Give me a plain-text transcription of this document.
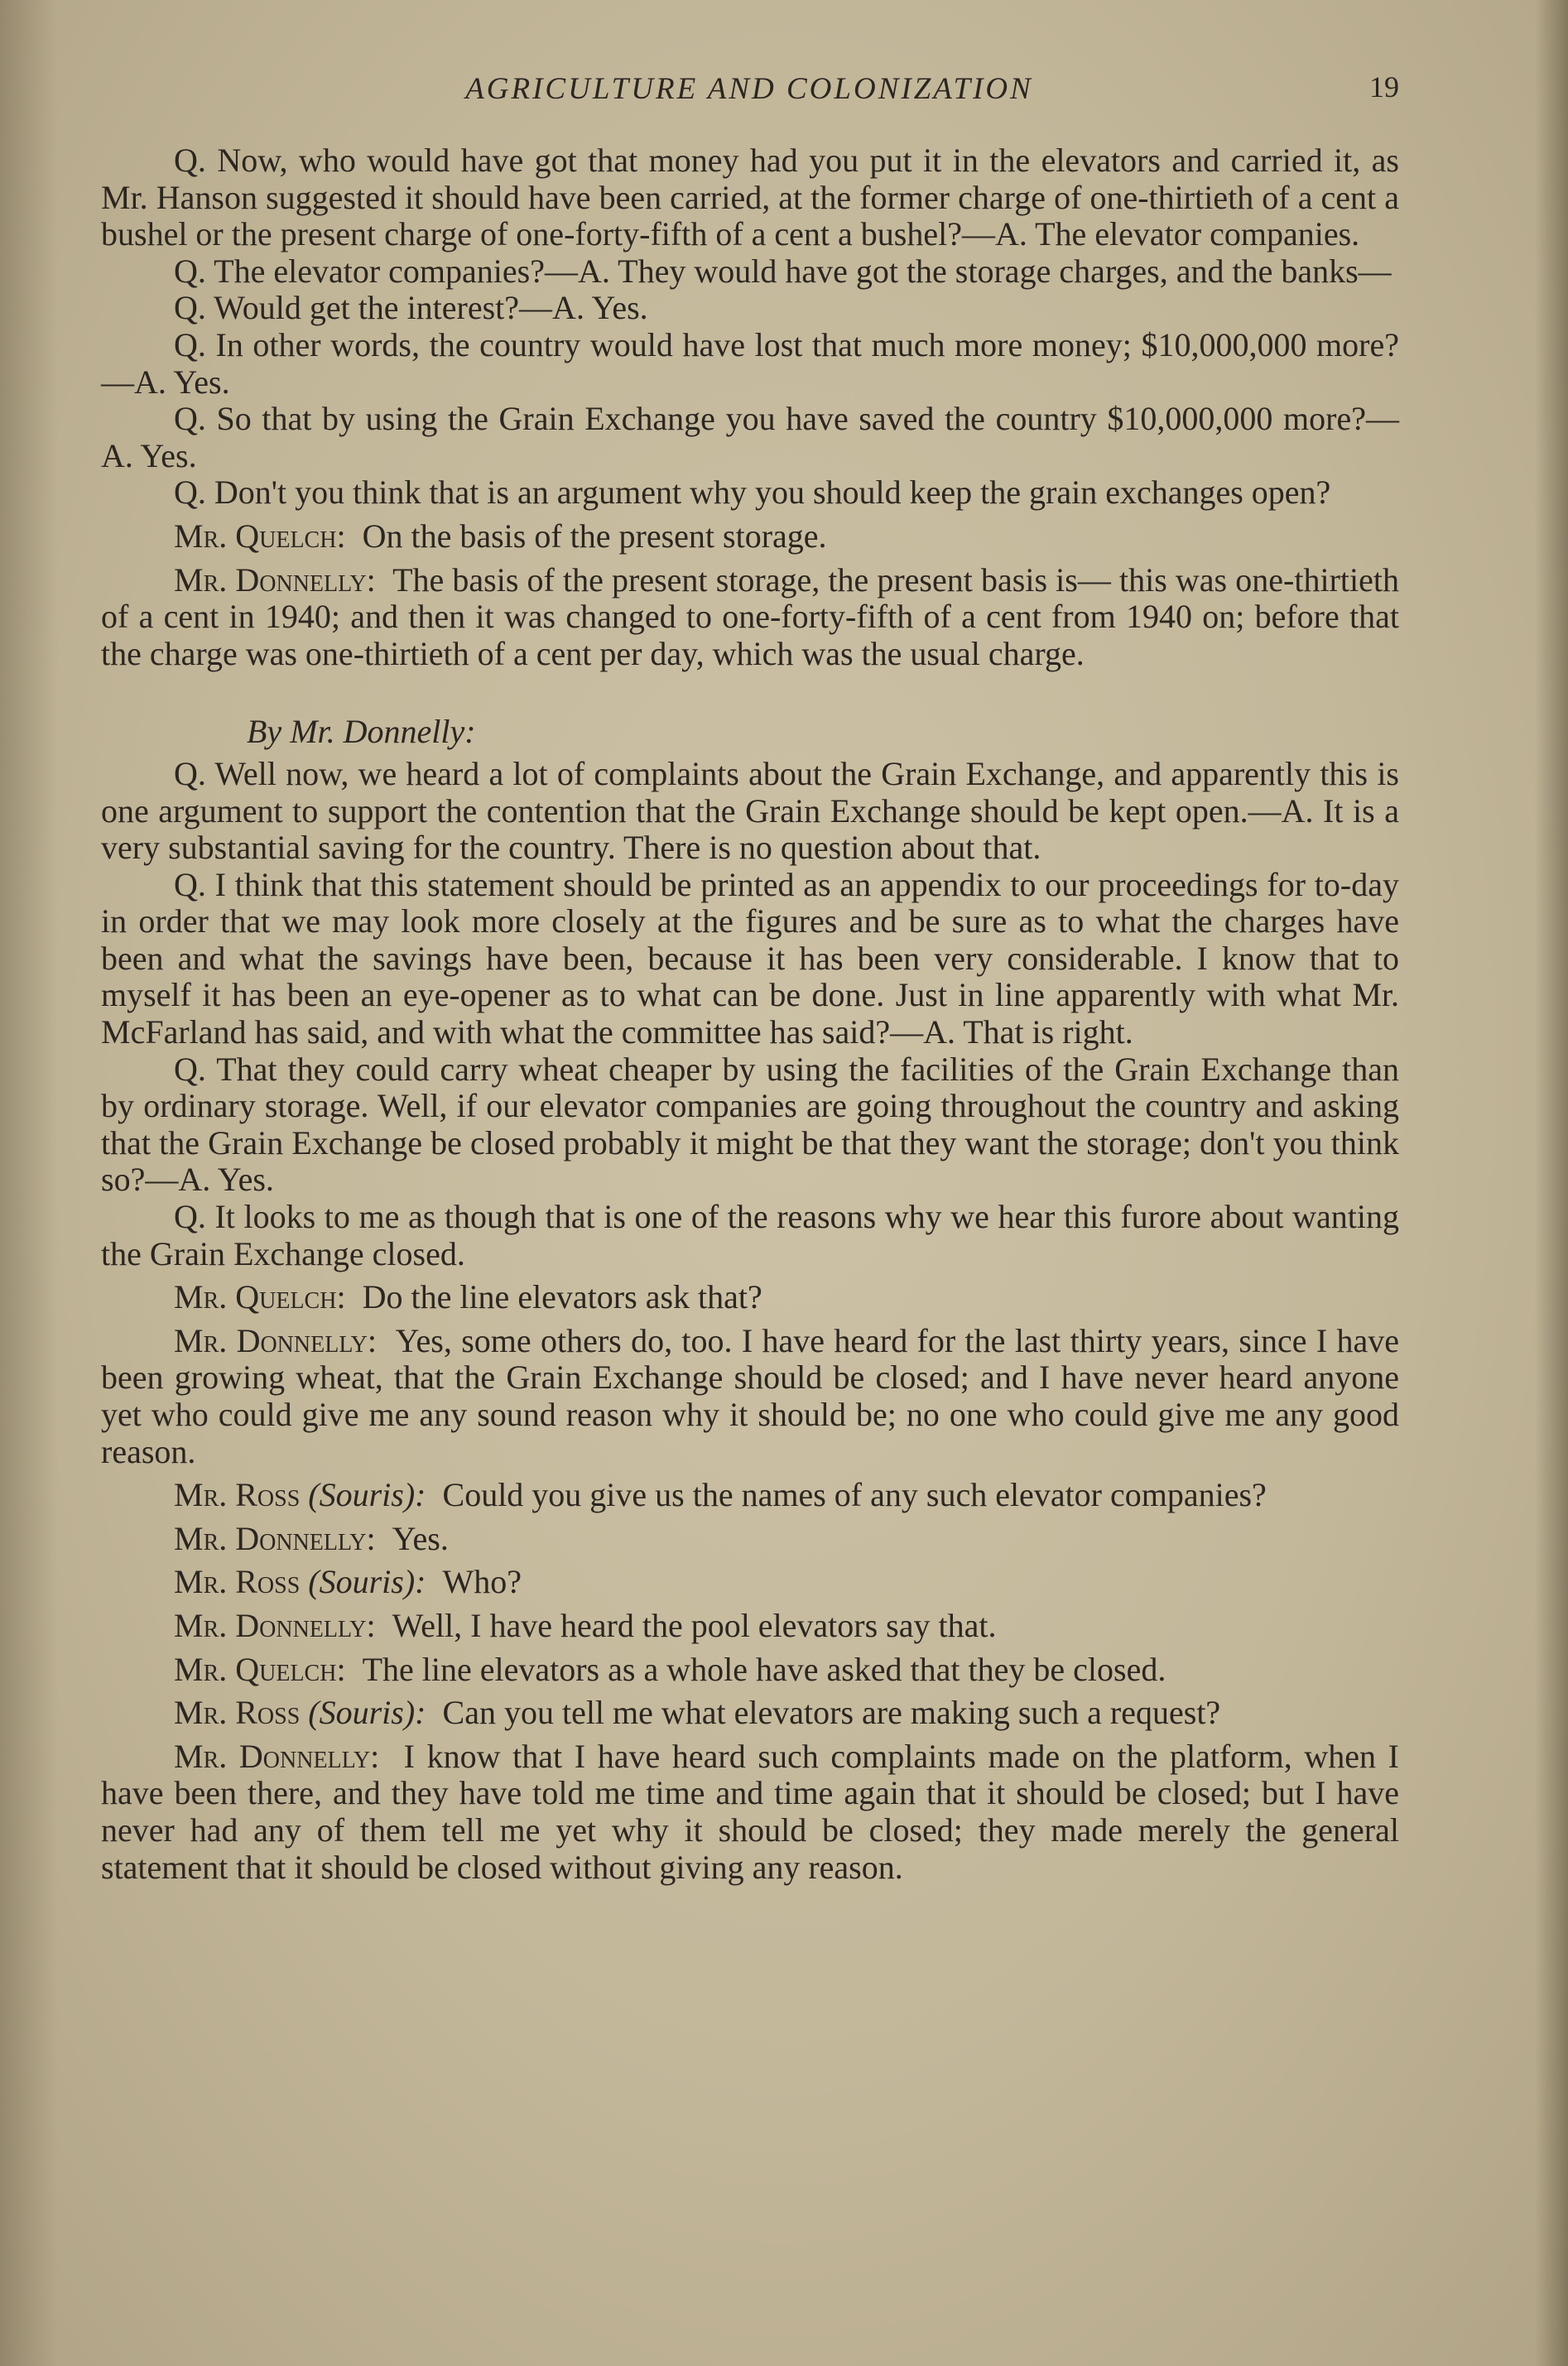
AGRICULTURE AND COLONIZATION	19

Q. Now, who would have got that money had you put it in the elevators and carried it, as Mr. Hanson suggested it should have been carried, at the former charge of one-thirtieth of a cent a bushel or the present charge of one-forty-fifth of a cent a bushel?—A. The elevator companies.

Q. The elevator companies?—A. They would have got the storage charges, and the banks—

Q. Would get the interest?—A. Yes.

Q. In other words, the country would have lost that much more money; $10,000,000 more?—A. Yes.

Q. So that by using the Grain Exchange you have saved the country $10,000,000 more?—A. Yes.

Q. Don't you think that is an argument why you should keep the grain exchanges open?

Mr. Quelch: On the basis of the present storage.

Mr. Donnelly: The basis of the present storage, the present basis is— this was one-thirtieth of a cent in 1940; and then it was changed to one-forty-fifth of a cent from 1940 on; before that the charge was one-thirtieth of a cent per day, which was the usual charge.

By Mr. Donnelly:

Q. Well now, we heard a lot of complaints about the Grain Exchange, and apparently this is one argument to support the contention that the Grain Exchange should be kept open.—A. It is a very substantial saving for the country. There is no question about that.

Q. I think that this statement should be printed as an appendix to our proceedings for to-day in order that we may look more closely at the figures and be sure as to what the charges have been and what the savings have been, because it has been very considerable. I know that to myself it has been an eye-opener as to what can be done. Just in line apparently with what Mr. McFarland has said, and with what the committee has said?—A. That is right.

Q. That they could carry wheat cheaper by using the facilities of the Grain Exchange than by ordinary storage. Well, if our elevator companies are going throughout the country and asking that the Grain Exchange be closed probably it might be that they want the storage; don't you think so?—A. Yes.

Q. It looks to me as though that is one of the reasons why we hear this furore about wanting the Grain Exchange closed.

Mr. Quelch: Do the line elevators ask that?

Mr. Donnelly: Yes, some others do, too. I have heard for the last thirty years, since I have been growing wheat, that the Grain Exchange should be closed; and I have never heard anyone yet who could give me any sound reason why it should be; no one who could give me any good reason.

Mr. Ross (Souris): Could you give us the names of any such elevator companies?

Mr. Donnelly: Yes.

Mr. Ross (Souris): Who?

Mr. Donnelly: Well, I have heard the pool elevators say that.

Mr. Quelch: The line elevators as a whole have asked that they be closed.

Mr. Ross (Souris): Can you tell me what elevators are making such a request?

Mr. Donnelly: I know that I have heard such complaints made on the platform, when I have been there, and they have told me time and time again that it should be closed; but I have never had any of them tell me yet why it should be closed; they made merely the general statement that it should be closed without giving any reason.
